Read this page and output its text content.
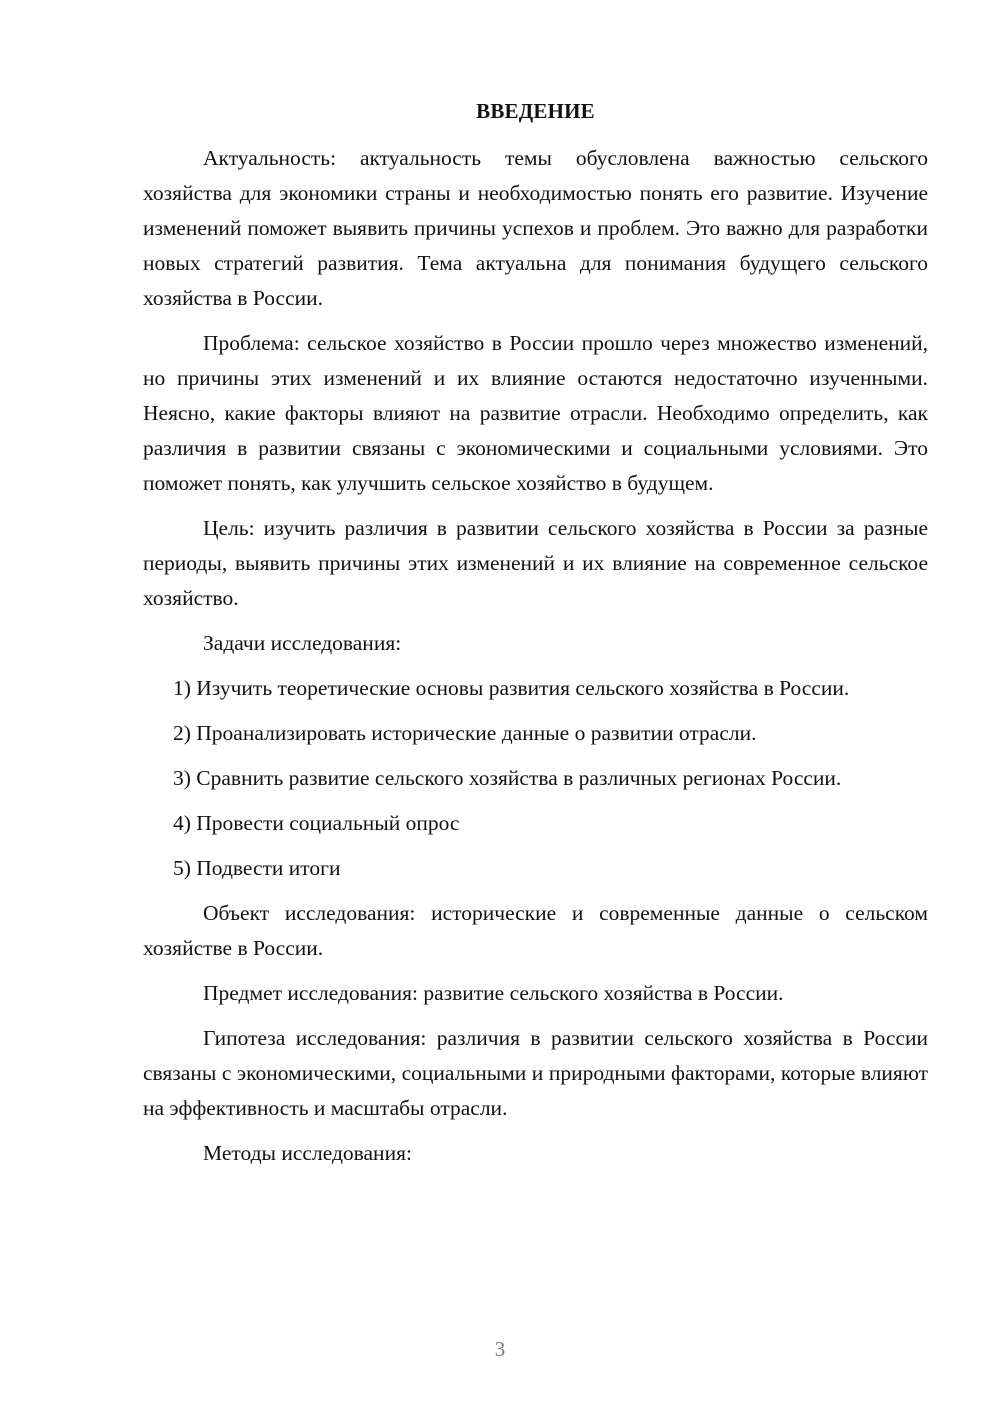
ВВЕДЕНИЕ

Актуальность: актуальность темы обусловлена важностью сельского хозяйства для экономики страны и необходимостью понять его развитие. Изучение изменений поможет выявить причины успехов и проблем. Это важно для разработки новых стратегий развития. Тема актуальна для понимания будущего сельского хозяйства в России.

Проблема: сельское хозяйство в России прошло через множество изменений, но причины этих изменений и их влияние остаются недостаточно изученными. Неясно, какие факторы влияют на развитие отрасли. Необходимо определить, как различия в развитии связаны с экономическими и социальными условиями. Это поможет понять, как улучшить сельское хозяйство в будущем.

Цель: изучить различия в развитии сельского хозяйства в России за разные периоды, выявить причины этих изменений и их влияние на современное сельское хозяйство.

Задачи исследования:

1) Изучить теоретические основы развития сельского хозяйства в России.

2) Проанализировать исторические данные о развитии отрасли.

3) Сравнить развитие сельского хозяйства в различных регионах России.

4) Провести социальный опрос

5) Подвести итоги

Объект исследования: исторические и современные данные о сельском хозяйстве в России.

Предмет исследования: развитие сельского хозяйства в России.

Гипотеза исследования: различия в развитии сельского хозяйства в России связаны с экономическими, социальными и природными факторами, которые влияют на эффективность и масштабы отрасли.

Методы исследования:

3
